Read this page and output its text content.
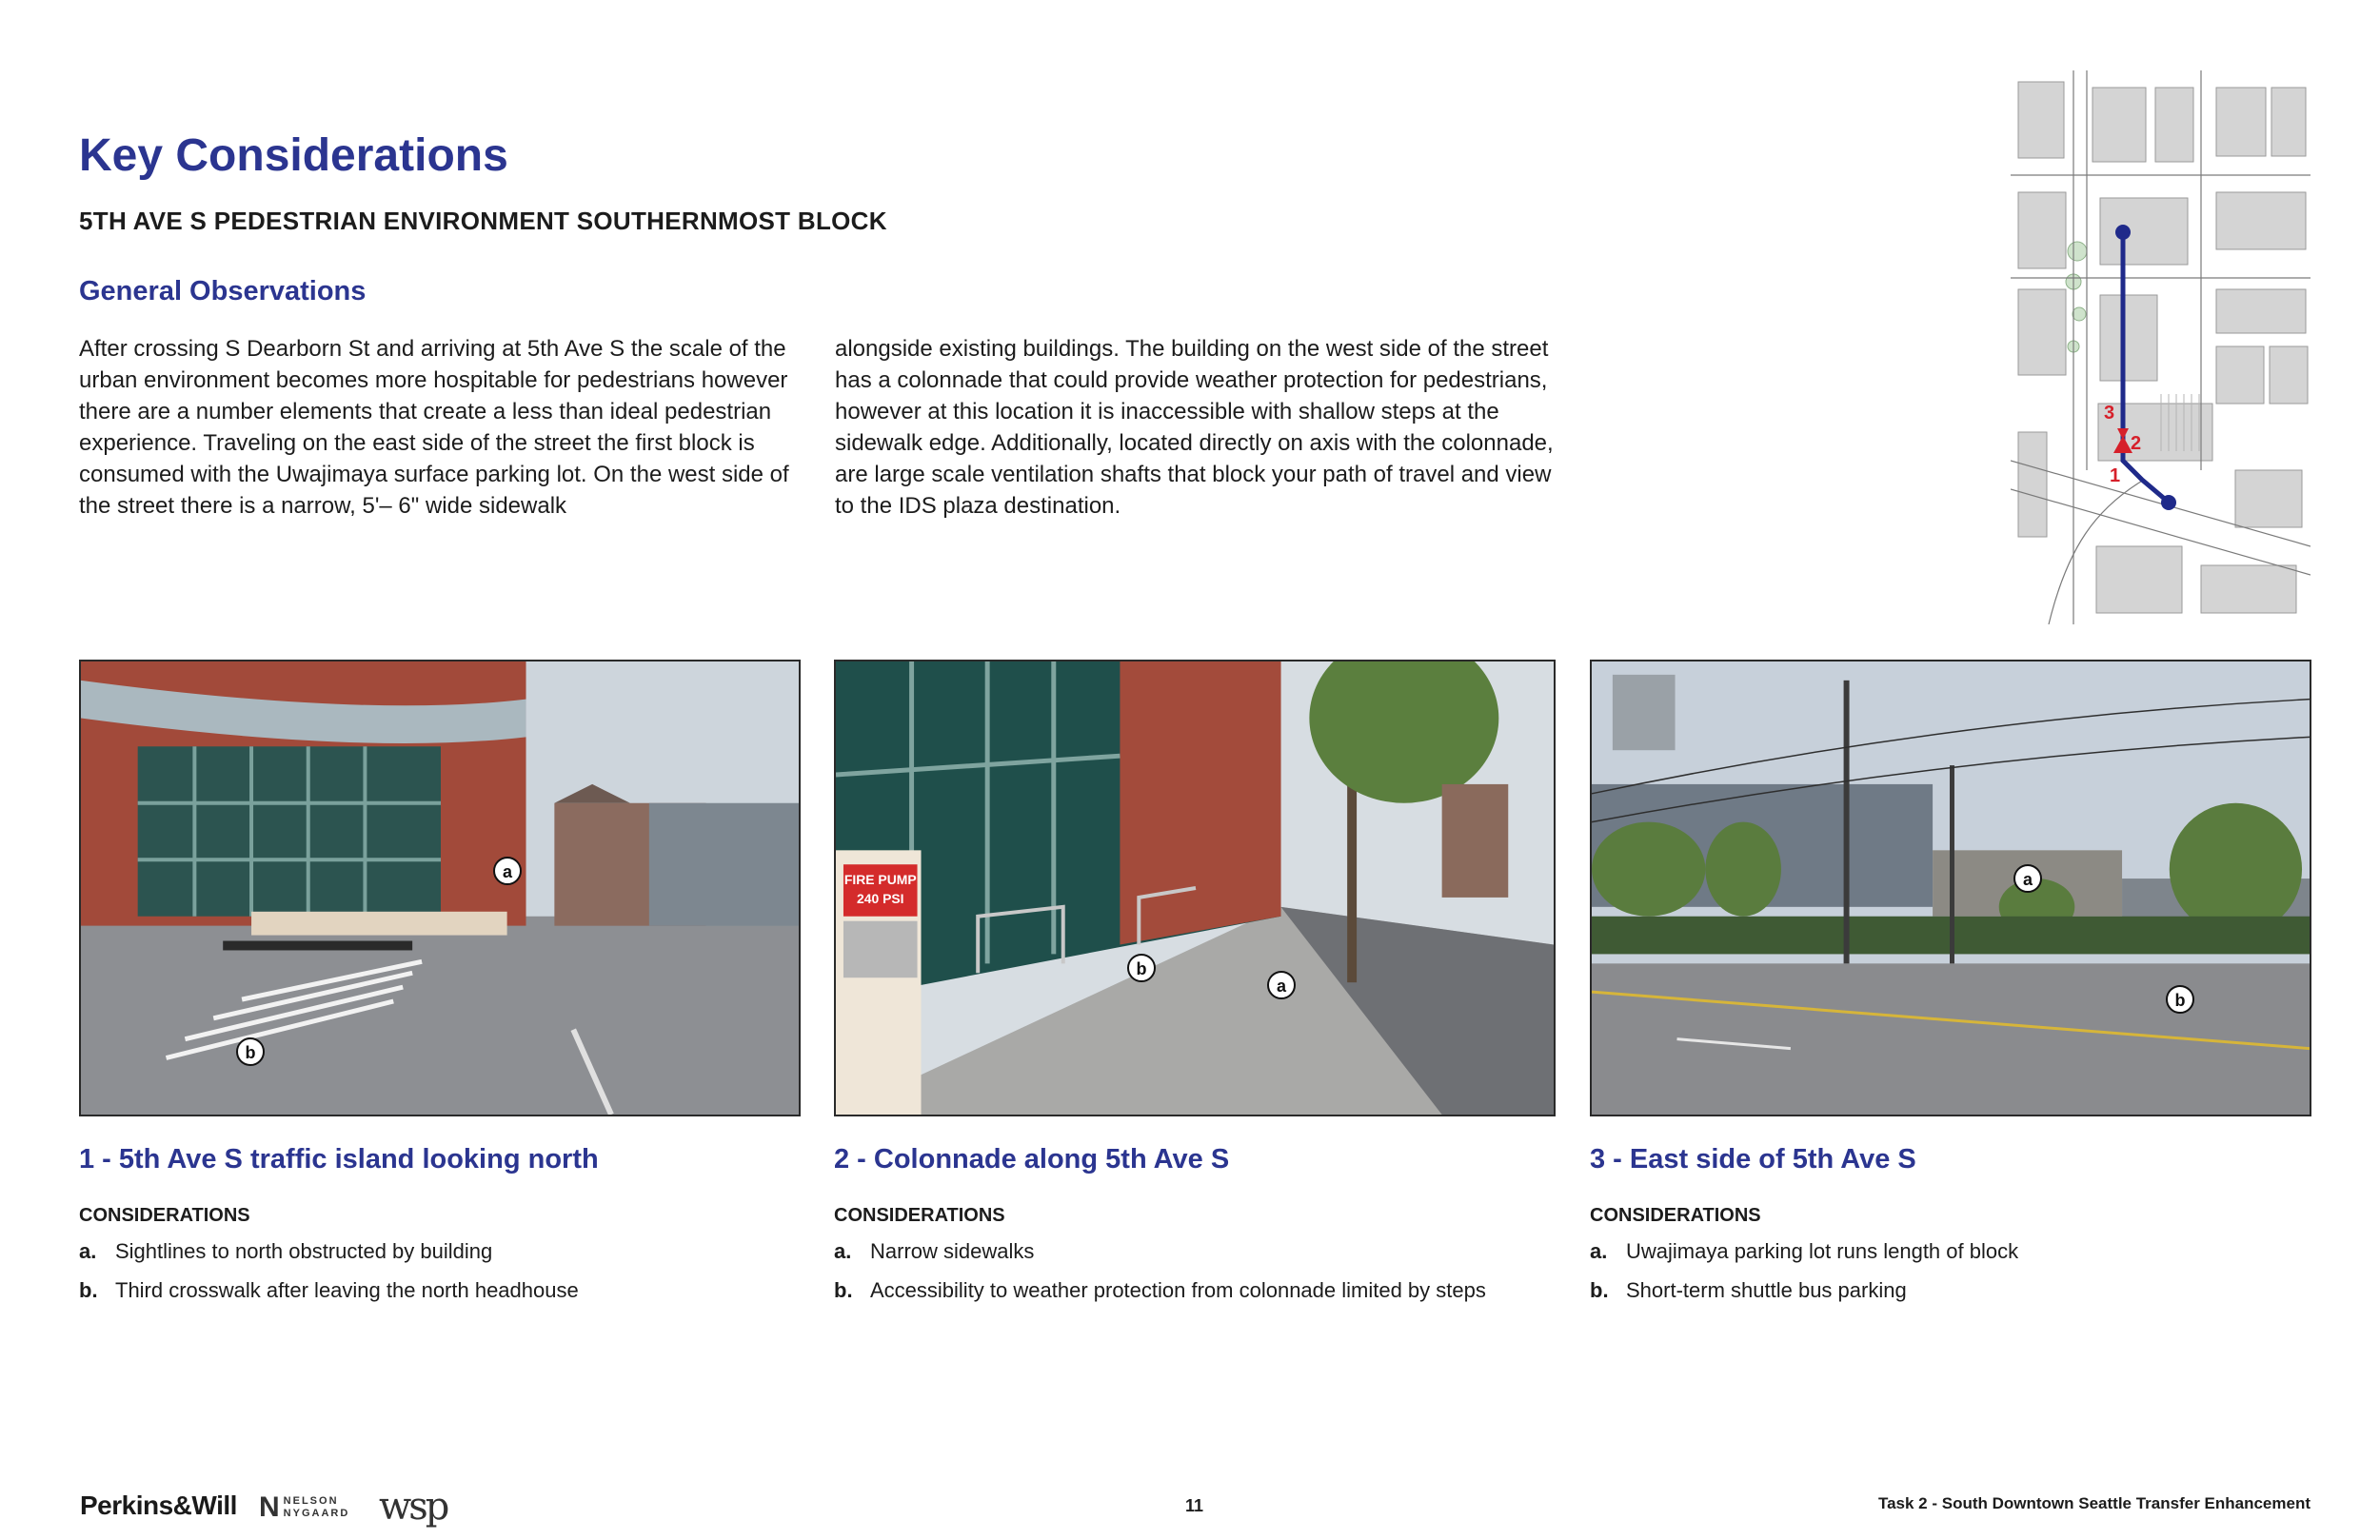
Key Considerations
5TH AVE S PEDESTRIAN ENVIRONMENT SOUTHERNMOST BLOCK
General Observations

After crossing S Dearborn St and arriving at 5th Ave S the scale of the urban environment becomes more hospitable for pedestrians however there are a number elements that create a less than ideal pedestrian experience. Traveling on the east side of the street the first block is consumed with the Uwajimaya surface parking lot. On the west side of the street there is a narrow, 5'– 6" wide sidewalk

alongside existing buildings. The building on the west side of the street has a colonnade that could provide weather protection for pedestrians, however at this location it is inaccessible with shallow steps at the sidewalk edge. Additionally, located directly on axis with the colonnade, are large scale ventilation shafts that block your path of travel and view to the IDS plaza destination.

1
2
3
a
b
FIRE PUMP
240 PSI
b
a
a
b
1 - 5th Ave S traffic island looking north	2 - Colonnade along 5th Ave S	3 - East side of 5th Ave S
CONSIDERATIONS	CONSIDERATIONS	CONSIDERATIONS
a. Sightlines to north obstructed by building
b. Third crosswalk after leaving the north headhouse
a. Narrow sidewalks
b. Accessibility to weather protection from colonnade limited by steps
a. Uwajimaya parking lot runs length of block
b. Short-term shuttle bus parking
Perkins&Will N NELSON
NYGAARD wsp	11	Task 2 - South Downtown Seattle Transfer Enhancement
